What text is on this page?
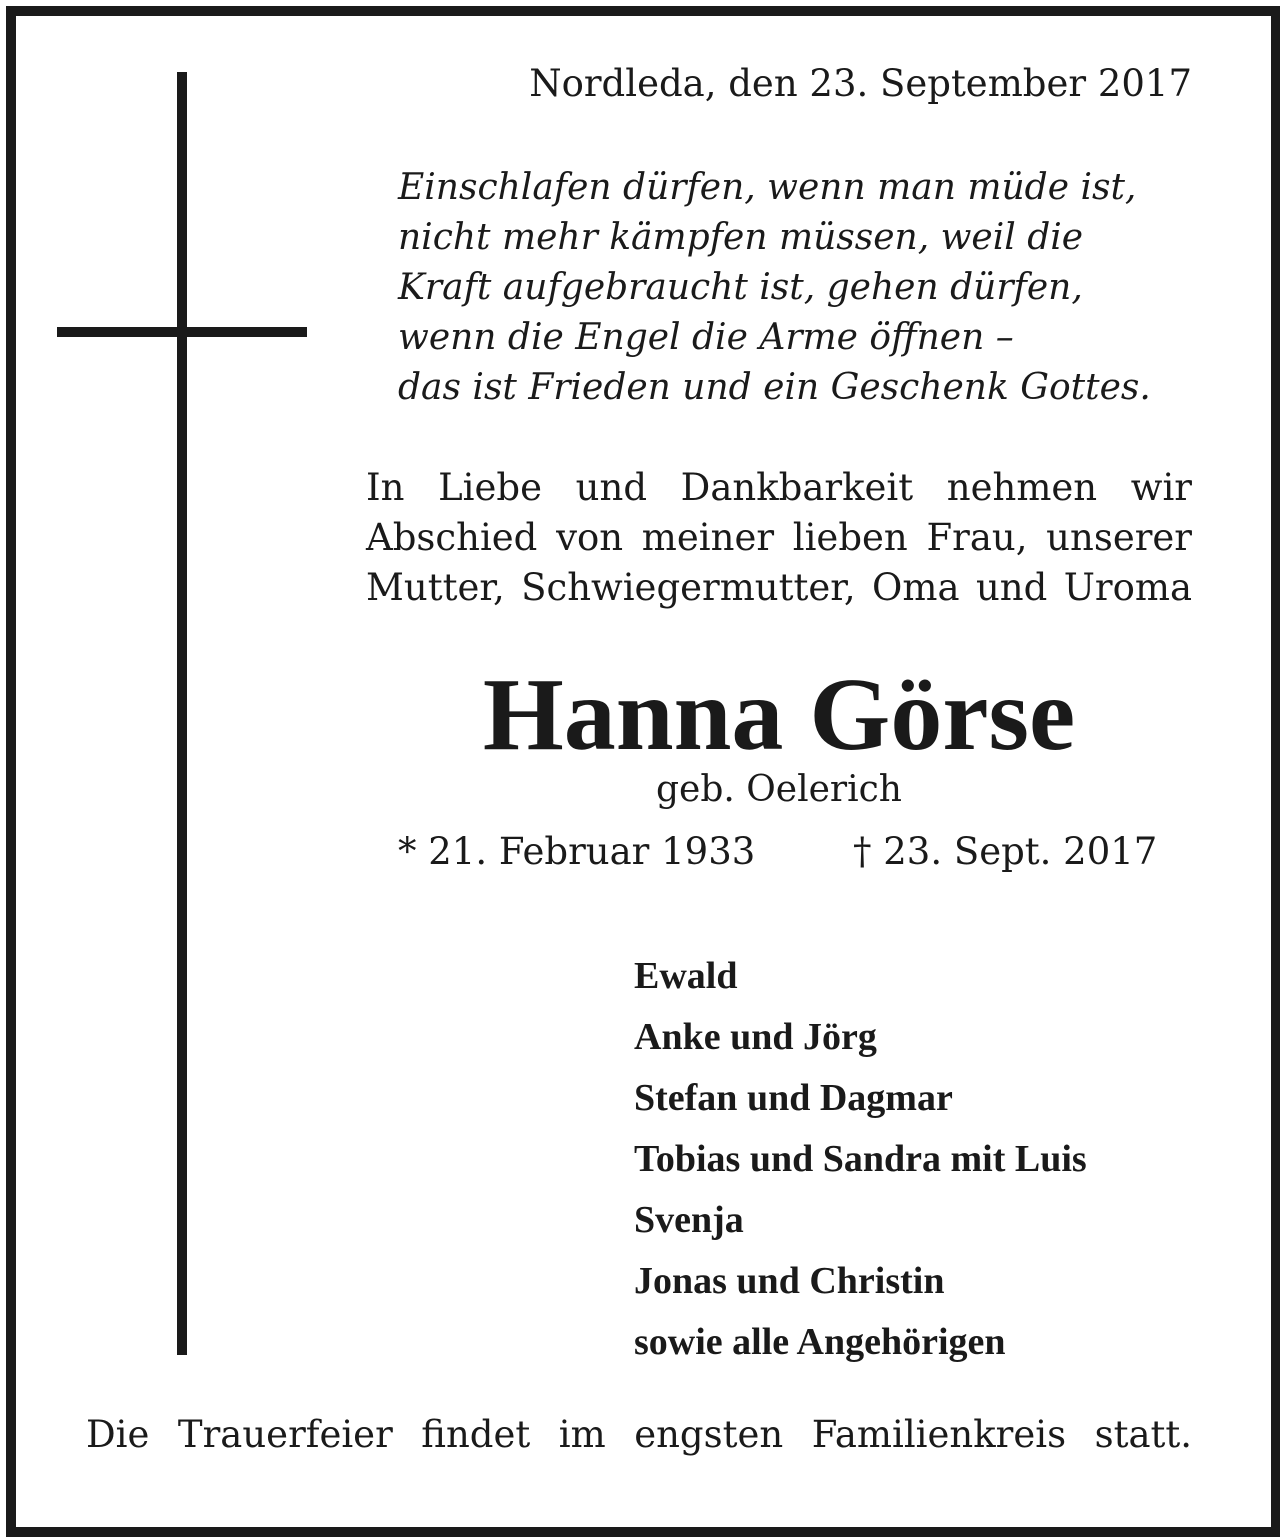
Nordleda, den 23. September 2017
Einschlafen dürfen, wenn man müde ist,
nicht mehr kämpfen müssen, weil die
Kraft aufgebraucht ist, gehen dürfen,
wenn die Engel die Arme öffnen –
das ist Frieden und ein Geschenk Gottes.
In Liebe und Dankbarkeit nehmen wir
Abschied von meiner lieben Frau, unserer
Mutter, Schwiegermutter, Oma und Uroma
Hanna Görse
geb. Oelerich
* 21. Februar 1933	† 23. Sept. 2017
Ewald
Anke und Jörg
Stefan und Dagmar
Tobias und Sandra mit Luis
Svenja
Jonas und Christin
sowie alle Angehörigen
Die Trauerfeier findet im engsten Familienkreis statt.
